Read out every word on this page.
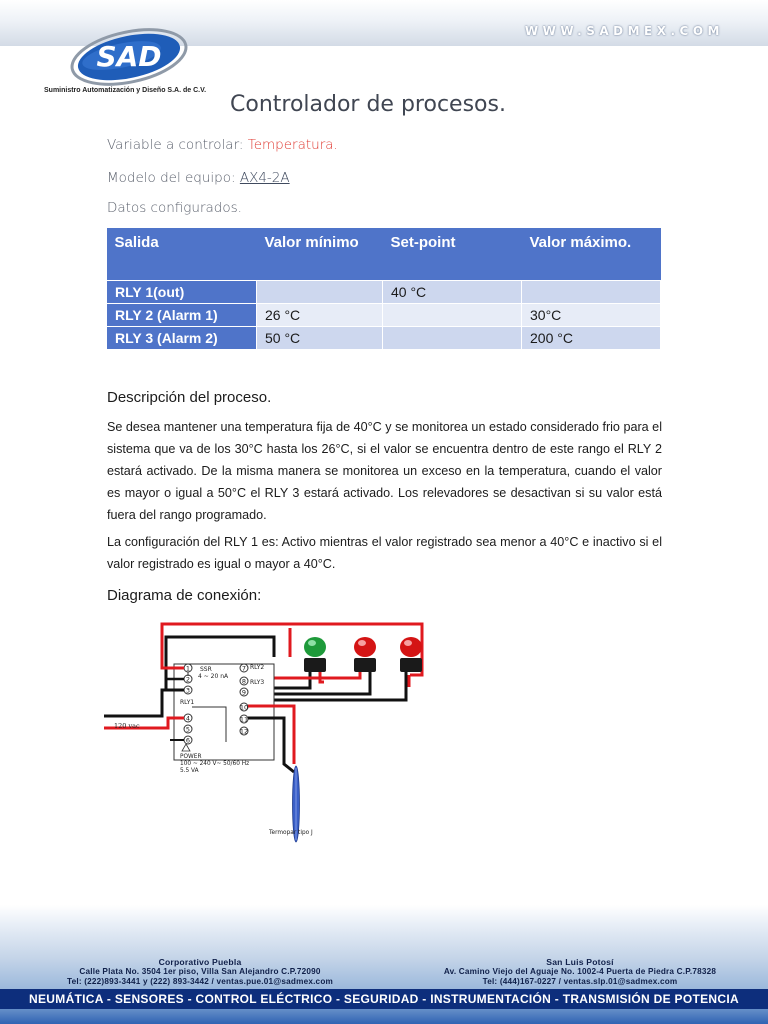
WWW.SADMEX.COM
SAD
Suministro Automatización y Diseño S.A. de C.V.
Controlador de procesos.
Variable a controlar: Temperatura.
Modelo del equipo: AX4-2A
Datos configurados.
Salida	Valor mínimo	Set-point	Valor máximo.
RLY 1(out)		40 °C	
RLY 2 (Alarm 1)	26 °C		30°C
RLY 3 (Alarm 2)	50 °C		200 °C
Descripción del proceso.
Se desea mantener una temperatura fija de 40°C y se monitorea un estado considerado frio para el sistema que va de los 30°C hasta los 26°C, si el valor se encuentra dentro de este rango el RLY 2 estará activado. De la misma manera se monitorea un exceso en la temperatura, cuando el valor es mayor o igual a 50°C el RLY 3 estará activado. Los relevadores se desactivan si su valor está fuera del rango programado.
La configuración del RLY 1 es: Activo mientras el valor registrado sea menor a 40°C e inactivo si el valor registrado es igual o mayor a 40°C.
Diagrama de conexión:
SSR
4 ~ 20 nA
RLY1
RLY2
RLY3
1
2
3
4
5
6
7
8
9
10
11
12
120 vac
POWER
100 ~ 240 V~ 50/60 Hz
5.5 VA
Termopar tipo J
Corporativo Puebla
Calle Plata No. 3504 1er piso, Villa San Alejandro C.P.72090
Tel: (222)893-3441 y (222) 893-3442 / ventas.pue.01@sadmex.com
San Luis Potosí
Av. Camino Viejo del Aguaje No. 1002-4 Puerta de Piedra C.P.78328
Tel: (444)167-0227 / ventas.slp.01@sadmex.com
NEUMÁTICA - SENSORES - CONTROL ELÉCTRICO - SEGURIDAD - INSTRUMENTACIÓN - TRANSMISIÓN DE POTENCIA
